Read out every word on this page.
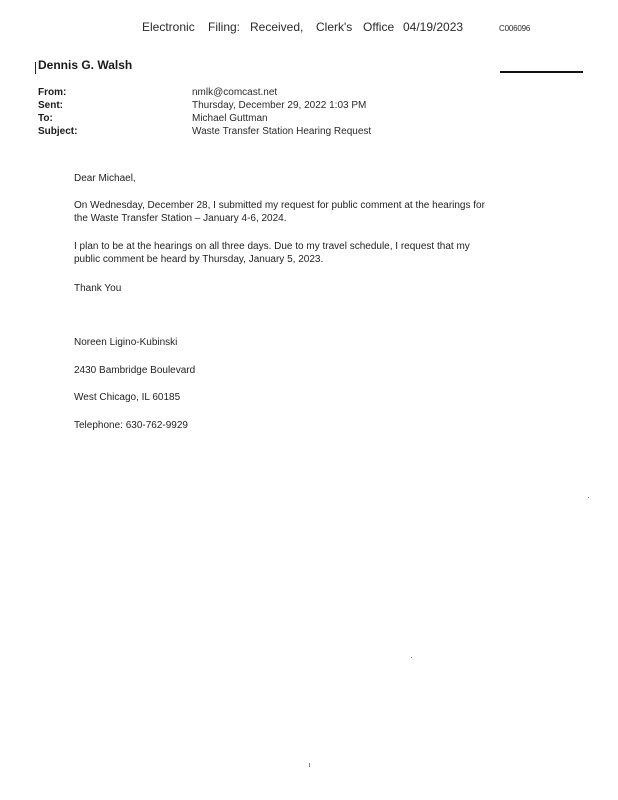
Electronic Filing: Received, Clerk's Office 04/19/2023	C006096
Dennis G. Walsh
From:	nmlk@comcast.net
Sent:	Thursday, December 29, 2022 1:03 PM
To:	Michael Guttman
Subject:	Waste Transfer Station Hearing Request
Dear Michael,
On Wednesday, December 28, I submitted my request for public comment at the hearings for
the Waste Transfer Station – January 4-6, 2024.
I plan to be at the hearings on all three days. Due to my travel schedule, I request that my
public comment be heard by Thursday, January 5, 2023.
Thank You
Noreen Ligino-Kubinski
2430 Bambridge Boulevard
West Chicago, IL 60185
Telephone: 630-762-9929
